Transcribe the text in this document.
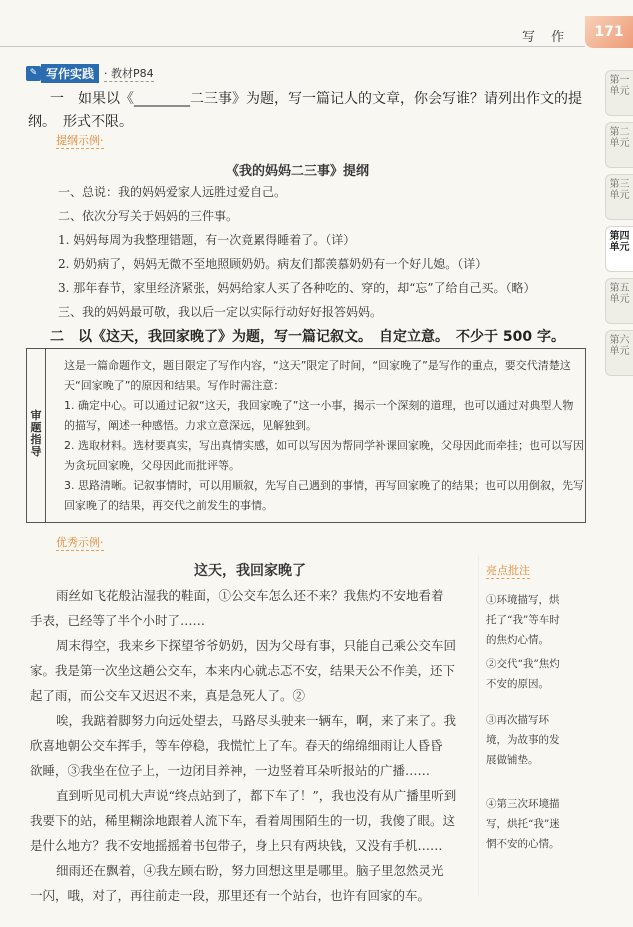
写 作	171
第一单元
第二单元
第三单元
第四单元
第五单元
第六单元
✎ 写作实践 · 教材P84
一　如果以《________二三事》为题，写一篇记人的文章，你会写谁？请列出作文的提
纲。　形式不限。
提纲示例·
《我的妈妈二三事》提纲
一、总说：我的妈妈爱家人远胜过爱自己。
二、依次分写关于妈妈的三件事。
1. 妈妈每周为我整理错题，有一次竟累得睡着了。（详）
2. 奶奶病了，妈妈无微不至地照顾奶奶。病友们都羡慕奶奶有一个好儿媳。（详）
3. 那年春节，家里经济紧张，妈妈给家人买了各种吃的、穿的，却“忘”了给自己买。（略）
三、我的妈妈最可敬，我以后一定以实际行动好好报答妈妈。
二　以《这天，我回家晚了》为题，写一篇记叙文。　自定立意。　不少于 500 字。
审题指导
这是一篇命题作文，题目限定了写作内容，“这天”限定了时间，“回家晚了”是写作的重点，要交代清楚这
天“回家晚了”的原因和结果。写作时需注意：
1. 确定中心。可以通过记叙“这天，我回家晚了”这一小事，揭示一个深刻的道理，也可以通过对典型人物
的描写，阐述一种感悟。力求立意深远，见解独到。
2. 选取材料。选材要真实，写出真情实感，如可以写因为帮同学补课回家晚，父母因此而牵挂；也可以写因
为贪玩回家晚，父母因此而批评等。
3. 思路清晰。记叙事情时，可以用顺叙，先写自己遇到的事情，再写回家晚了的结果；也可以用倒叙，先写
回家晚了的结果，再交代之前发生的事情。
优秀示例·
这天，我回家晚了
雨丝如飞花般沾湿我的鞋面，①公交车怎么还不来？我焦灼不安地看着
手表，已经等了半个小时了……
周末得空，我来乡下探望爷爷奶奶，因为父母有事，只能自己乘公交车回
家。我是第一次坐这趟公交车，本来内心就忐忑不安，结果天公不作美，还下
起了雨，而公交车又迟迟不来，真是急死人了。②
唉，我踮着脚努力向远处望去，马路尽头驶来一辆车，啊，来了来了。我
欣喜地朝公交车挥手，等车停稳，我慌忙上了车。春天的绵绵细雨让人昏昏
欲睡，③我坐在位子上，一边闭目养神，一边竖着耳朵听报站的广播……
直到听见司机大声说“终点站到了，都下车了！”，我也没有从广播里听到
我要下的站，稀里糊涂地跟着人流下车，看着周围陌生的一切，我傻了眼。这
是什么地方？我不安地摇摇着书包带子，身上只有两块钱，又没有手机……
细雨还在飘着，④我左顾右盼，努力回想这里是哪里。脑子里忽然灵光
一闪，哦，对了，再往前走一段，那里还有一个站台，也许有回家的车。
亮点批注
①环境描写，烘
托了“我”等车时
的焦灼心情。
②交代“我”焦灼
不安的原因。
③再次描写环
境，为故事的发
展做铺垫。
④第三次环境描
写，烘托“我”迷
惘不安的心情。
